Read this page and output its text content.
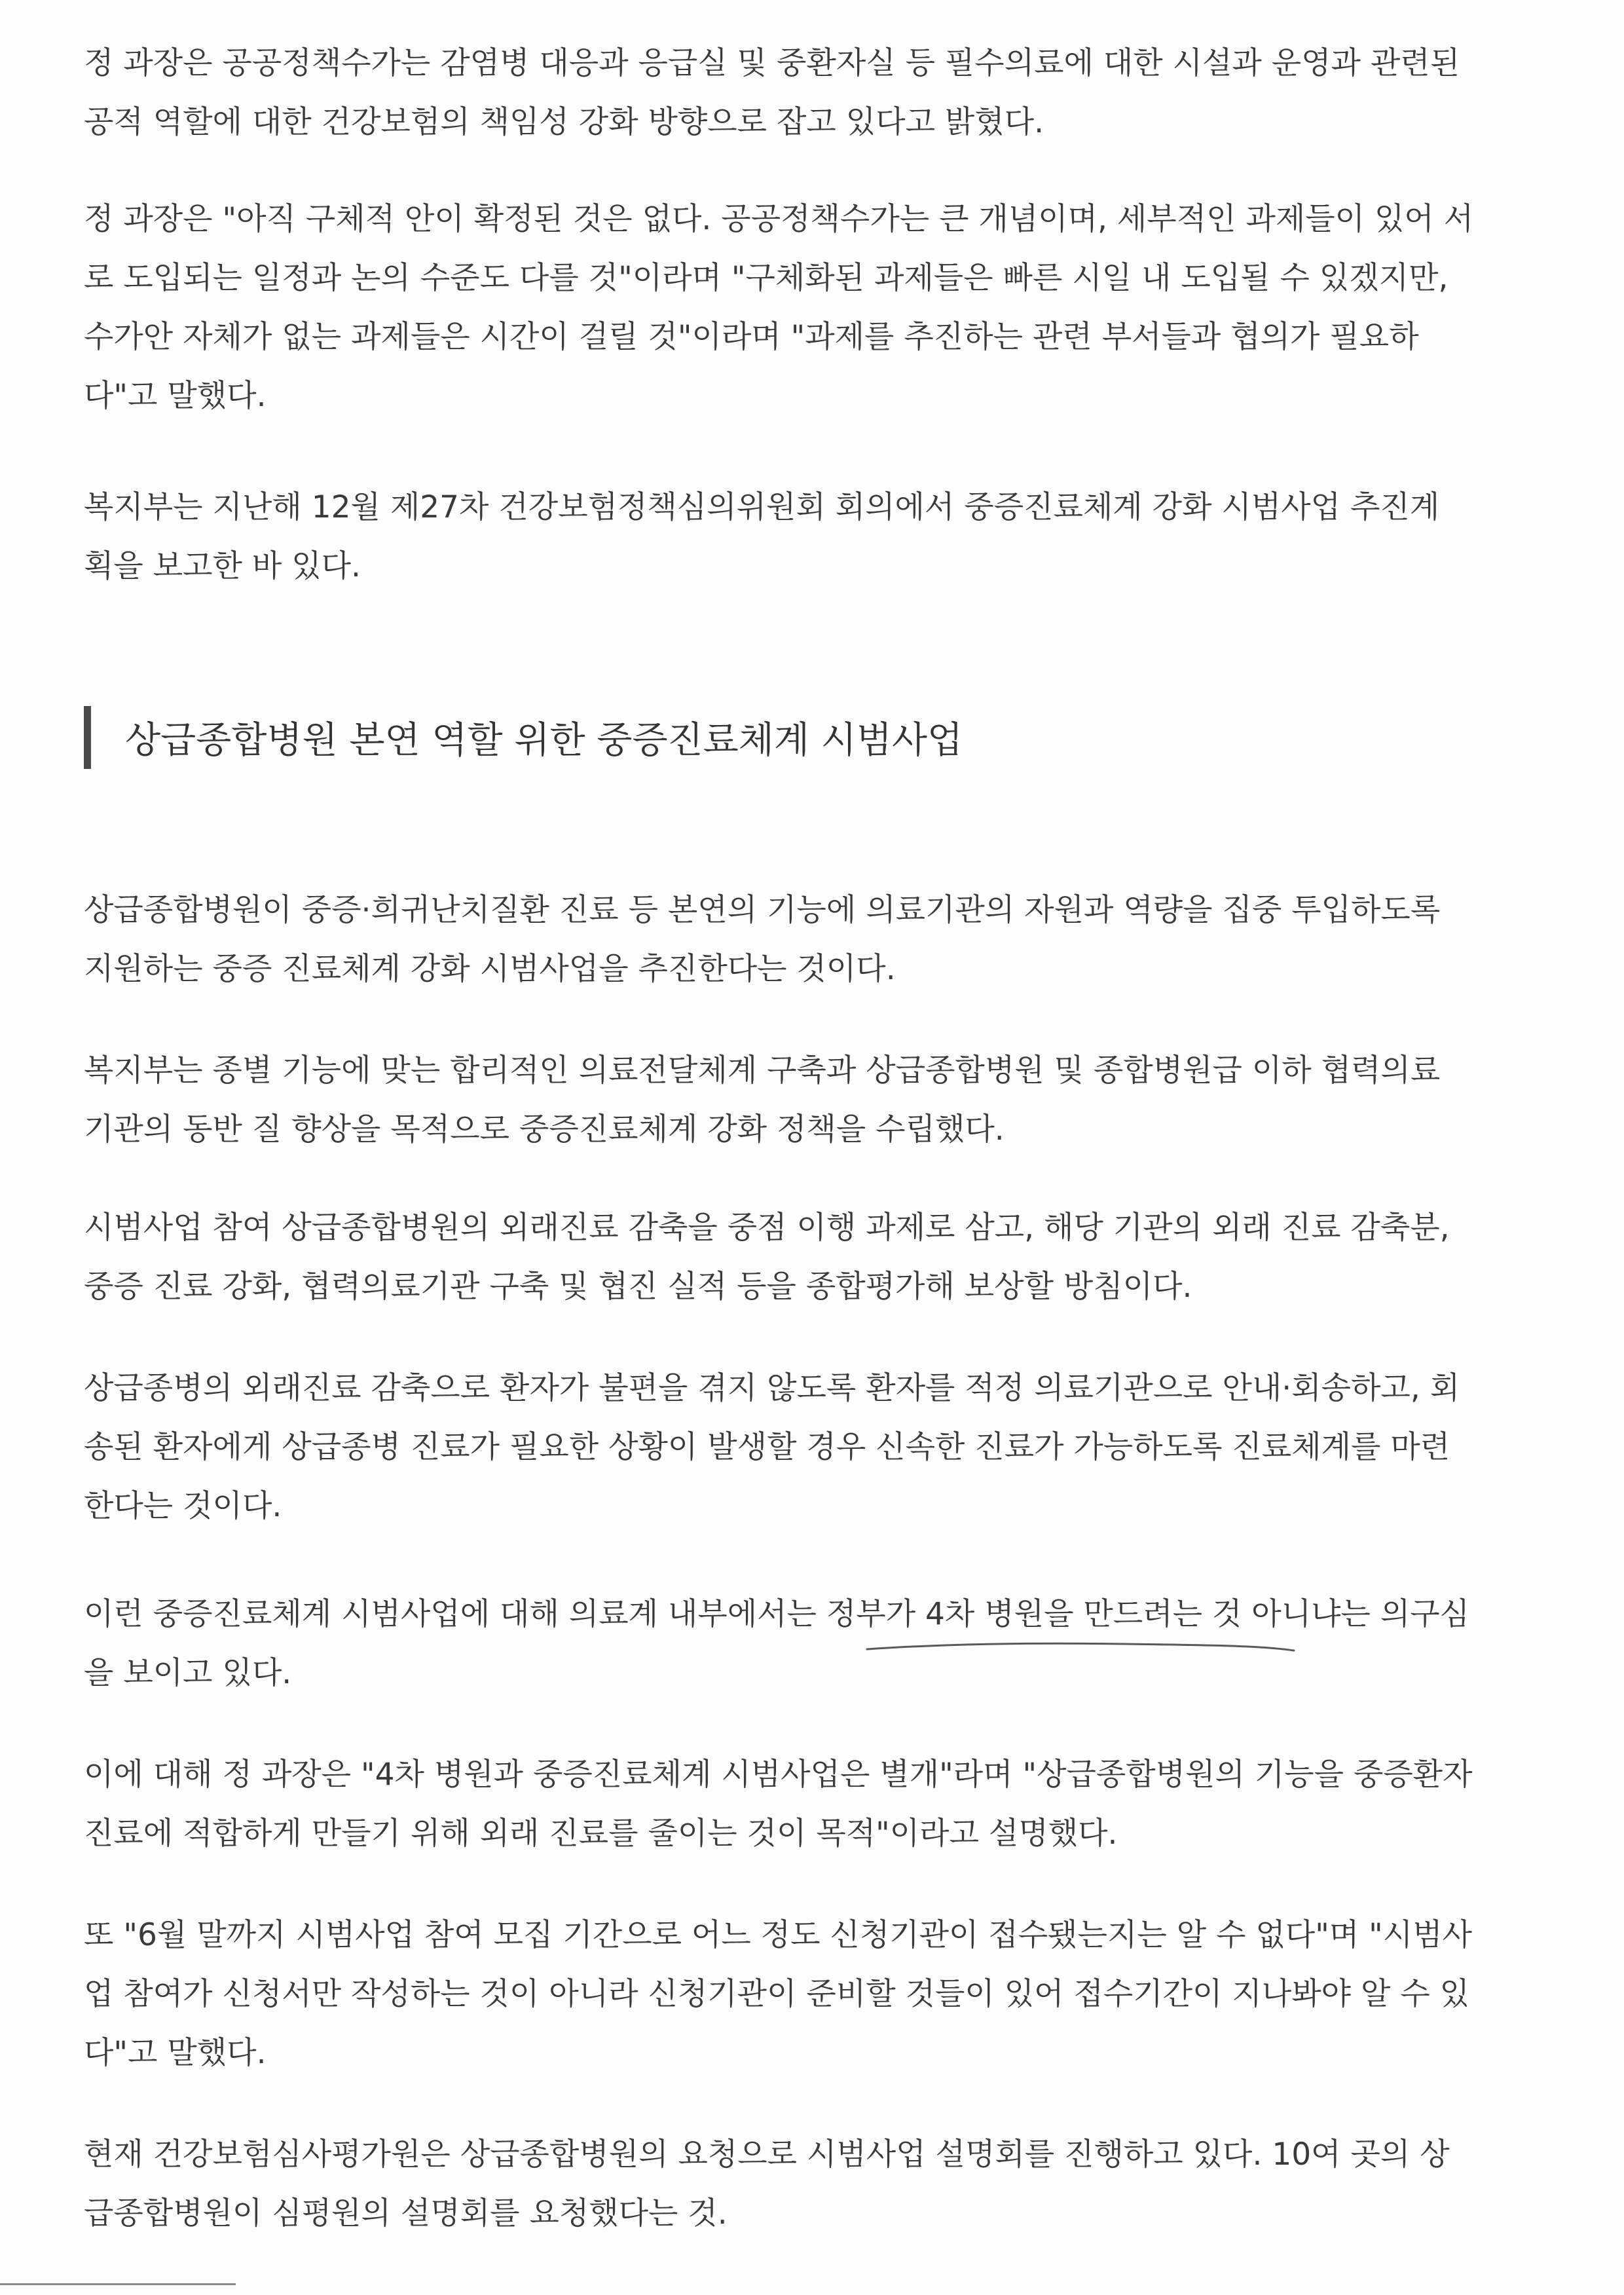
정 과장은 공공정책수가는 감염병 대응과 응급실 및 중환자실 등 필수의료에 대한 시설과 운영과 관련된
공적 역할에 대한 건강보험의 책임성 강화 방향으로 잡고 있다고 밝혔다.

정 과장은 "아직 구체적 안이 확정된 것은 없다. 공공정책수가는 큰 개념이며, 세부적인 과제들이 있어 서
로 도입되는 일정과 논의 수준도 다를 것"이라며 "구체화된 과제들은 빠른 시일 내 도입될 수 있겠지만,
수가안 자체가 없는 과제들은 시간이 걸릴 것"이라며 "과제를 추진하는 관련 부서들과 협의가 필요하
다"고 말했다.

복지부는 지난해 12월 제27차 건강보험정책심의위원회 회의에서 중증진료체계 강화 시범사업 추진계
획을 보고한 바 있다.

상급종합병원 본연 역할 위한 중증진료체계 시범사업

상급종합병원이 중증·희귀난치질환 진료 등 본연의 기능에 의료기관의 자원과 역량을 집중 투입하도록
지원하는 중증 진료체계 강화 시범사업을 추진한다는 것이다.

복지부는 종별 기능에 맞는 합리적인 의료전달체계 구축과 상급종합병원 및 종합병원급 이하 협력의료
기관의 동반 질 향상을 목적으로 중증진료체계 강화 정책을 수립했다.

시범사업 참여 상급종합병원의 외래진료 감축을 중점 이행 과제로 삼고, 해당 기관의 외래 진료 감축분,
중증 진료 강화, 협력의료기관 구축 및 협진 실적 등을 종합평가해 보상할 방침이다.

상급종병의 외래진료 감축으로 환자가 불편을 겪지 않도록 환자를 적정 의료기관으로 안내·회송하고, 회
송된 환자에게 상급종병 진료가 필요한 상황이 발생할 경우 신속한 진료가 가능하도록 진료체계를 마련
한다는 것이다.

이런 중증진료체계 시범사업에 대해 의료계 내부에서는 정부가 4차 병원을 만드려는 것 아니냐는 의구심
을 보이고 있다.

이에 대해 정 과장은 "4차 병원과 중증진료체계 시범사업은 별개"라며 "상급종합병원의 기능을 중증환자
진료에 적합하게 만들기 위해 외래 진료를 줄이는 것이 목적"이라고 설명했다.

또 "6월 말까지 시범사업 참여 모집 기간으로 어느 정도 신청기관이 접수됐는지는 알 수 없다"며 "시범사
업 참여가 신청서만 작성하는 것이 아니라 신청기관이 준비할 것들이 있어 접수기간이 지나봐야 알 수 있
다"고 말했다.

현재 건강보험심사평가원은 상급종합병원의 요청으로 시범사업 설명회를 진행하고 있다. 10여 곳의 상
급종합병원이 심평원의 설명회를 요청했다는 것.
